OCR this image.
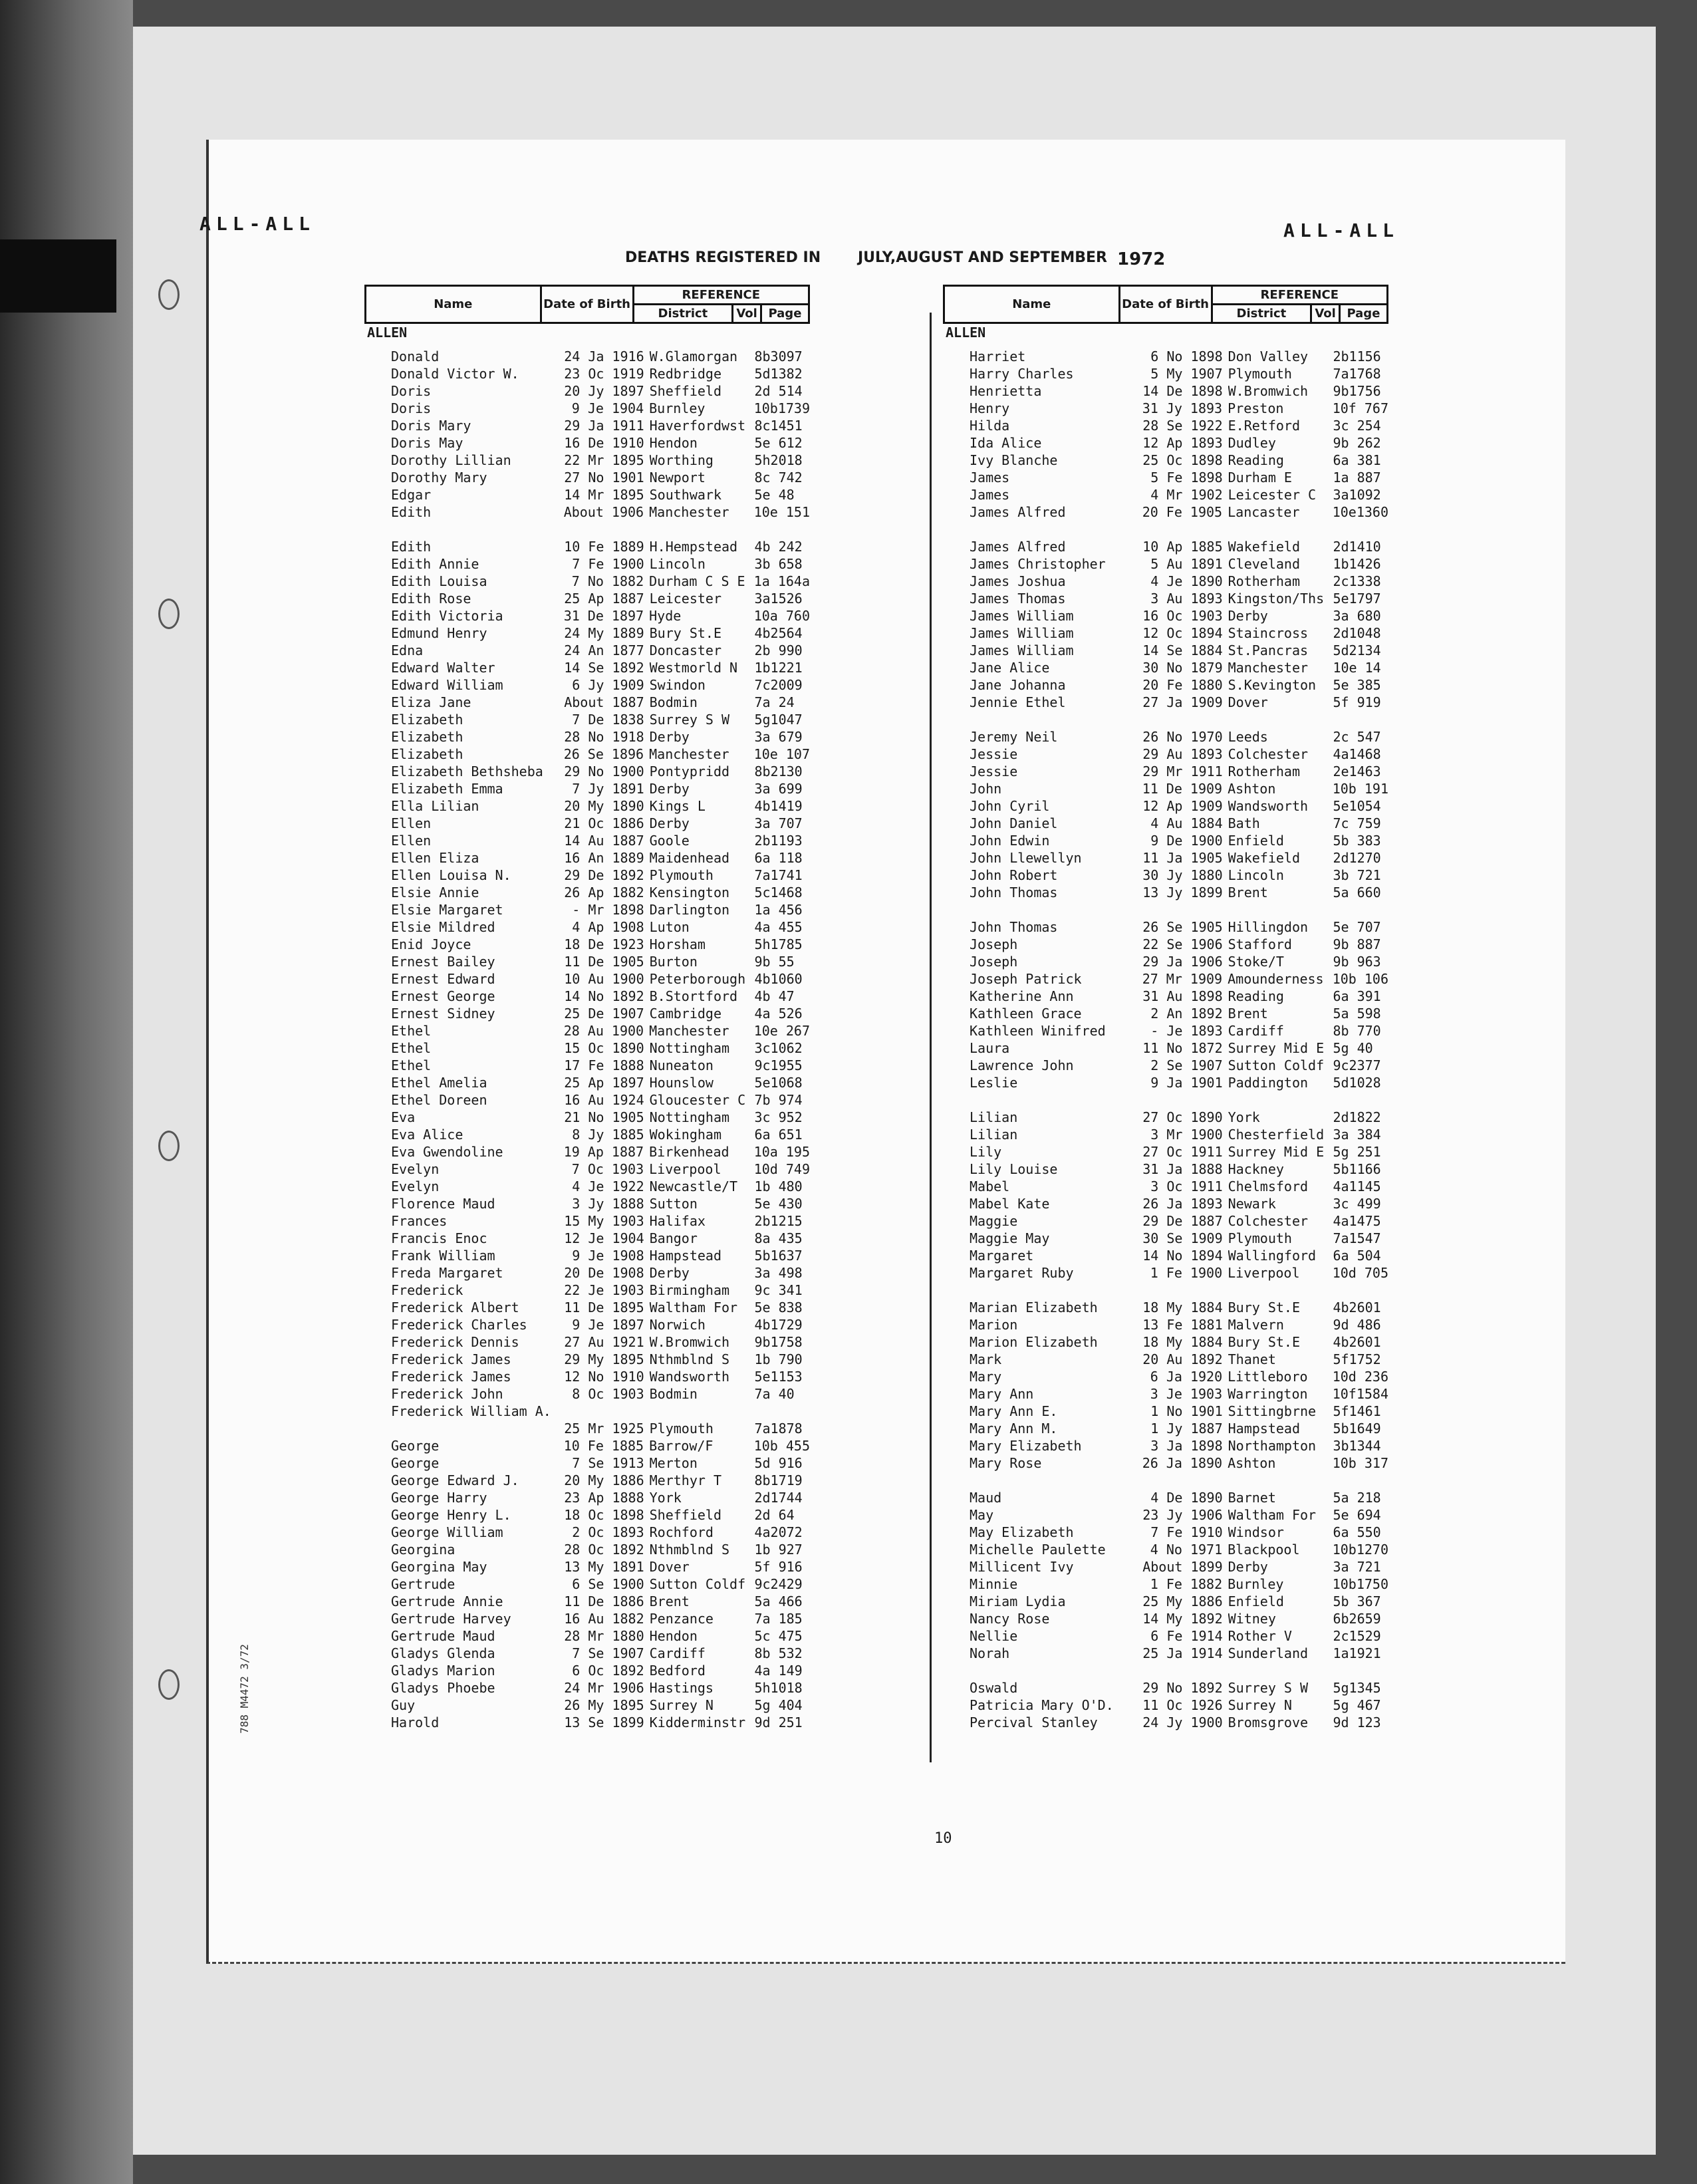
ALL-ALL	ALL-ALL
DEATHS REGISTERED IN	JULY,AUGUST AND SEPTEMBER 1972
Name	Date of Birth	REFERENCE		
		District	Vol	Page
ALLEN
Donald	24 Ja 1916 W.Glamorgan	8b3097
Donald Victor W.	23 Oc 1919 Redbridge	5d1382
Doris	20 Jy 1897 Sheffield	2d 514
Doris	9 Je 1904 Burnley	10b1739
Doris Mary	29 Ja 1911 Haverfordwst 8c1451
Doris May	16 De 1910 Hendon	5e 612
Dorothy Lillian	22 Mr 1895 Worthing	5h2018
Dorothy Mary	27 No 1901 Newport	8c 742
Edgar	14 Mr 1895 Southwark	5e 48
Edith	About 1906 Manchester	10e 151
Edith	10 Fe 1889 H.Hempstead	4b 242
Edith Annie	7 Fe 1900 Lincoln	3b 658
Edith Louisa	7 No 1882 Durham C S E 1a 164a
Edith Rose	25 Ap 1887 Leicester	3a1526
Edith Victoria	31 De 1897 Hyde	10a 760
Edmund Henry	24 My 1889 Bury St.E	4b2564
Edna	24 An 1877 Doncaster	2b 990
Edward Walter	14 Se 1892 Westmorld N	1b1221
Edward William	6 Jy 1909 Swindon	7c2009
Eliza Jane	About 1887 Bodmin	7a 24
Elizabeth	7 De 1838 Surrey S W	5g1047
Elizabeth	28 No 1918 Derby	3a 679
Elizabeth	26 Se 1896 Manchester	10e 107
Elizabeth Bethsheba	29 No 1900 Pontypridd	8b2130
Elizabeth Emma	7 Jy 1891 Derby	3a 699
Ella Lilian	20 My 1890 Kings L	4b1419
Ellen	21 Oc 1886 Derby	3a 707
Ellen	14 Au 1887 Goole	2b1193
Ellen Eliza	16 An 1889 Maidenhead	6a 118
Ellen Louisa N.	29 De 1892 Plymouth	7a1741
Elsie Annie	26 Ap 1882 Kensington	5c1468
Elsie Margaret	- Mr 1898 Darlington	1a 456
Elsie Mildred	4 Ap 1908 Luton	4a 455
Enid Joyce	18 De 1923 Horsham	5h1785
Ernest Bailey	11 De 1905 Burton	9b 55
Ernest Edward	10 Au 1900 Peterborough 4b1060
Ernest George	14 No 1892 B.Stortford	4b 47
Ernest Sidney	25 De 1907 Cambridge	4a 526
Ethel	28 Au 1900 Manchester	10e 267
Ethel	15 Oc 1890 Nottingham	3c1062
Ethel	17 Fe 1888 Nuneaton	9c1955
Ethel Amelia	25 Ap 1897 Hounslow	5e1068
Ethel Doreen	16 Au 1924 Gloucester C 7b 974
Eva	21 No 1905 Nottingham	3c 952
Eva Alice	8 Jy 1885 Wokingham	6a 651
Eva Gwendoline	19 Ap 1887 Birkenhead	10a 195
Evelyn	7 Oc 1903 Liverpool	10d 749
Evelyn	4 Je 1922 Newcastle/T	1b 480
Florence Maud	3 Jy 1888 Sutton	5e 430
Frances	15 My 1903 Halifax	2b1215
Francis Enoc	12 Je 1904 Bangor	8a 435
Frank William	9 Je 1908 Hampstead	5b1637
Freda Margaret	20 De 1908 Derby	3a 498
Frederick	22 Je 1903 Birmingham	9c 341
Frederick Albert	11 De 1895 Waltham For	5e 838
Frederick Charles	9 Je 1897 Norwich	4b1729
Frederick Dennis	27 Au 1921 W.Bromwich	9b1758
Frederick James	29 My 1895 Nthmblnd S	1b 790
Frederick James	12 No 1910 Wandsworth	5e1153
Frederick John	8 Oc 1903 Bodmin	7a 40
Frederick William A.
25 Mr 1925 Plymouth	7a1878
George	10 Fe 1885 Barrow/F	10b 455
George	7 Se 1913 Merton	5d 916
George Edward J.	20 My 1886 Merthyr T	8b1719
George Harry	23 Ap 1888 York	2d1744
George Henry L.	18 Oc 1898 Sheffield	2d 64
George William	2 Oc 1893 Rochford	4a2072
Georgina	28 Oc 1892 Nthmblnd S	1b 927
Georgina May	13 My 1891 Dover	5f 916
Gertrude	6 Se 1900 Sutton Coldf 9c2429
Gertrude Annie	11 De 1886 Brent	5a 466
Gertrude Harvey	16 Au 1882 Penzance	7a 185
Gertrude Maud	28 Mr 1880 Hendon	5c 475
Gladys Glenda	7 Se 1907 Cardiff	8b 532
Gladys Marion	6 Oc 1892 Bedford	4a 149
Gladys Phoebe	24 Mr 1906 Hastings	5h1018
Guy	26 My 1895 Surrey N	5g 404
Harold	13 Se 1899 Kidderminstr 9d 251
Name	Date of Birth	REFERENCE		
		District	Vol	Page
ALLEN
Harriet	6 No 1898 Don Valley	2b1156
Harry Charles	5 My 1907 Plymouth	7a1768
Henrietta	14 De 1898 W.Bromwich	9b1756
Henry	31 Jy 1893 Preston	10f 767
Hilda	28 Se 1922 E.Retford	3c 254
Ida Alice	12 Ap 1893 Dudley	9b 262
Ivy Blanche	25 Oc 1898 Reading	6a 381
James	5 Fe 1898 Durham E	1a 887
James	4 Mr 1902 Leicester C	3a1092
James Alfred	20 Fe 1905 Lancaster	10e1360
James Alfred	10 Ap 1885 Wakefield	2d1410
James Christopher	5 Au 1891 Cleveland	1b1426
James Joshua	4 Je 1890 Rotherham	2c1338
James Thomas	3 Au 1893 Kingston/Ths 5e1797
James William	16 Oc 1903 Derby	3a 680
James William	12 Oc 1894 Staincross	2d1048
James William	14 Se 1884 St.Pancras	5d2134
Jane Alice	30 No 1879 Manchester	10e 14
Jane Johanna	20 Fe 1880 S.Kevington	5e 385
Jennie Ethel	27 Ja 1909 Dover	5f 919
Jeremy Neil	26 No 1970 Leeds	2c 547
Jessie	29 Au 1893 Colchester	4a1468
Jessie	29 Mr 1911 Rotherham	2e1463
John	11 De 1909 Ashton	10b 191
John Cyril	12 Ap 1909 Wandsworth	5e1054
John Daniel	4 Au 1884 Bath	7c 759
John Edwin	9 De 1900 Enfield	5b 383
John Llewellyn	11 Ja 1905 Wakefield	2d1270
John Robert	30 Jy 1880 Lincoln	3b 721
John Thomas	13 Jy 1899 Brent	5a 660
John Thomas	26 Se 1905 Hillingdon	5e 707
Joseph	22 Se 1906 Stafford	9b 887
Joseph	29 Ja 1906 Stoke/T	9b 963
Joseph Patrick	27 Mr 1909 Amounderness 10b 106
Katherine Ann	31 Au 1898 Reading	6a 391
Kathleen Grace	2 An 1892 Brent	5a 598
Kathleen Winifred	- Je 1893 Cardiff	8b 770
Laura	11 No 1872 Surrey Mid E 5g 40
Lawrence John	2 Se 1907 Sutton Coldf 9c2377
Leslie	9 Ja 1901 Paddington	5d1028
Lilian	27 Oc 1890 York	2d1822
Lilian	3 Mr 1900 Chesterfield 3a 384
Lily	27 Oc 1911 Surrey Mid E 5g 251
Lily Louise	31 Ja 1888 Hackney	5b1166
Mabel	3 Oc 1911 Chelmsford	4a1145
Mabel Kate	26 Ja 1893 Newark	3c 499
Maggie	29 De 1887 Colchester	4a1475
Maggie May	30 Se 1909 Plymouth	7a1547
Margaret	14 No 1894 Wallingford	6a 504
Margaret Ruby	1 Fe 1900 Liverpool	10d 705
Marian Elizabeth	18 My 1884 Bury St.E	4b2601
Marion	13 Fe 1881 Malvern	9d 486
Marion Elizabeth	18 My 1884 Bury St.E	4b2601
Mark	20 Au 1892 Thanet	5f1752
Mary	6 Ja 1920 Littleboro	10d 236
Mary Ann	3 Je 1903 Warrington	10f1584
Mary Ann E.	1 No 1901 Sittingbrne	5f1461
Mary Ann M.	1 Jy 1887 Hampstead	5b1649
Mary Elizabeth	3 Ja 1898 Northampton	3b1344
Mary Rose	26 Ja 1890 Ashton	10b 317
Maud	4 De 1890 Barnet	5a 218
May	23 Jy 1906 Waltham For	5e 694
May Elizabeth	7 Fe 1910 Windsor	6a 550
Michelle Paulette	4 No 1971 Blackpool	10b1270
Millicent Ivy	About 1899 Derby	3a 721
Minnie	1 Fe 1882 Burnley	10b1750
Miriam Lydia	25 My 1886 Enfield	5b 367
Nancy Rose	14 My 1892 Witney	6b2659
Nellie	6 Fe 1914 Rother V	2c1529
Norah	25 Ja 1914 Sunderland	1a1921
Oswald	29 No 1892 Surrey S W	5g1345
Patricia Mary O'D.	11 Oc 1926 Surrey N	5g 467
Percival Stanley	24 Jy 1900 Bromsgrove	9d 123
10
788 M4472 3/72
